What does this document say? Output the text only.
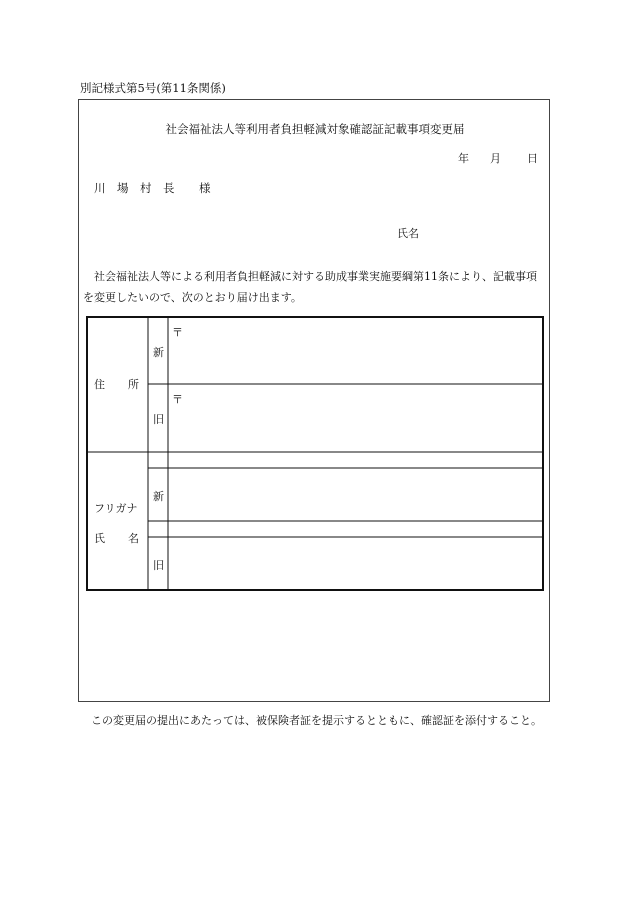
別記様式第5号(第11条関係)
社会福祉法人等利用者負担軽減対象確認証記載事項変更届
年 月 日
川 場 村 長 様
氏名
社会福祉法人等による利用者負担軽減に対する助成事業実施要綱第11条により、記載事項を変更したいので、次のとおり届け出ます。
住 所
新
旧
〒
〒
フリガナ
氏 名
新
旧
この変更届の提出にあたっては、被保険者証を提示するとともに、確認証を添付すること。
